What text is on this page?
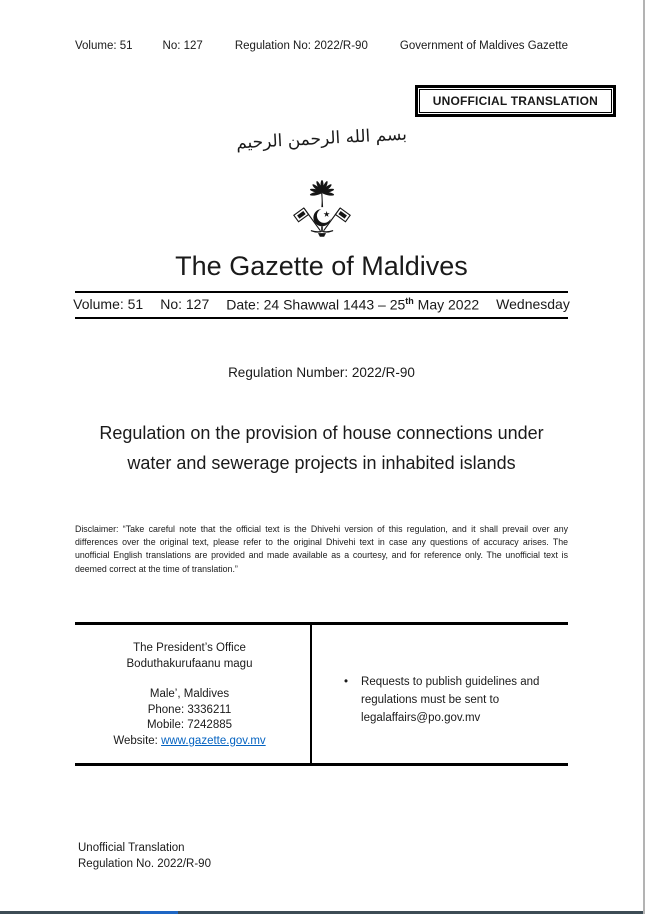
Volume: 51	No: 127	Regulation No: 2022/R-90	Government of Maldives Gazette
UNOFFICIAL TRANSLATION
بسم الله الرحمن الرحيم
The Gazette of Maldives
Volume: 51 No: 127 Date: 24 Shawwal 1443 – 25th May 2022 Wednesday
Regulation Number: 2022/R-90
Regulation on the provision of house connections under
water and sewerage projects in inhabited islands

Disclaimer: “Take careful note that the official text is the Dhivehi version of this regulation, and it shall prevail over any differences over the original text, please refer to the original Dhivehi text in case any questions of accuracy arises. The unofficial English translations are provided and made available as a courtesy, and for reference only. The unofficial text is deemed correct at the time of translation.”

The President’s Office
Boduthakurufaanu magu
Male’, Maldives
Phone: 3336211
Mobile: 7242885
Website: www.gazette.gov.mv
• Requests to publish guidelines and regulations must be sent to legalaffairs@po.gov.mv
Unofficial Translation
Regulation No. 2022/R-90
